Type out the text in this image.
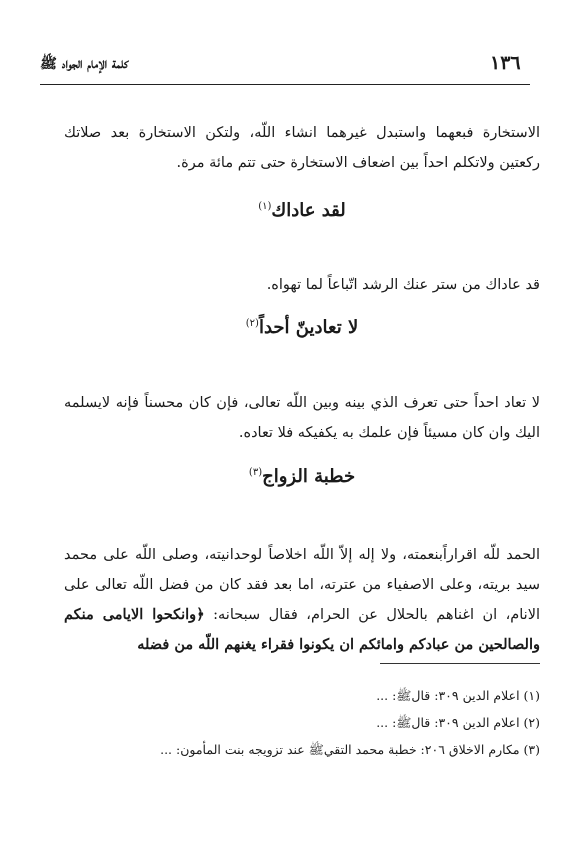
١٣٦
كلمة الإمام الجواد ﷺ

الاستخارة فبعهما واستبدل غيرهما انشاء اللّه، ولتكن الاستخارة بعد صلاتك ركعتين ولاتكلم احداً بين اضعاف الاستخارة حتى تتم مائة مرة.

لقد عاداك$^{(١)}$

قد عاداك من ستر عنك الرشد اتّباعاً لما تهواه.

لا تعادينّ أحداً$^{(٢)}$

لا تعاد احداً حتى تعرف الذي بينه وبين اللّه تعالى، فإن كان محسناً فإنه لايسلمه اليك وان كان مسيئاً فإن علمك به يكفيكه فلا تعاده.

خطبة الزواج$^{(٣)}$

الحمد للّه اقراراًبنعمته، ولا إله إلاّ اللّه اخلاصاً لوحدانيته، وصلى اللّه على محمد سيد بريته، وعلى الاصفياء من عترته، اما بعد فقد كان من فضل اللّه تعالى على الانام، ان اغناهم بالحلال عن الحرام، فقال سبحانه: ﴿وانكحوا الايامى منكم والصالحين من عبادكم وامائكم ان يكونوا فقراء يغنهم اللّه من فضله

(١) اعلام الدين ٣٠٩: قالﷺ: ...
(٢) اعلام الدين ٣٠٩: قالﷺ: ...
(٣) مكارم الاخلاق ٢٠٦: خطبة محمد التقيﷺ عند تزويجه بنت المأمون: ...
